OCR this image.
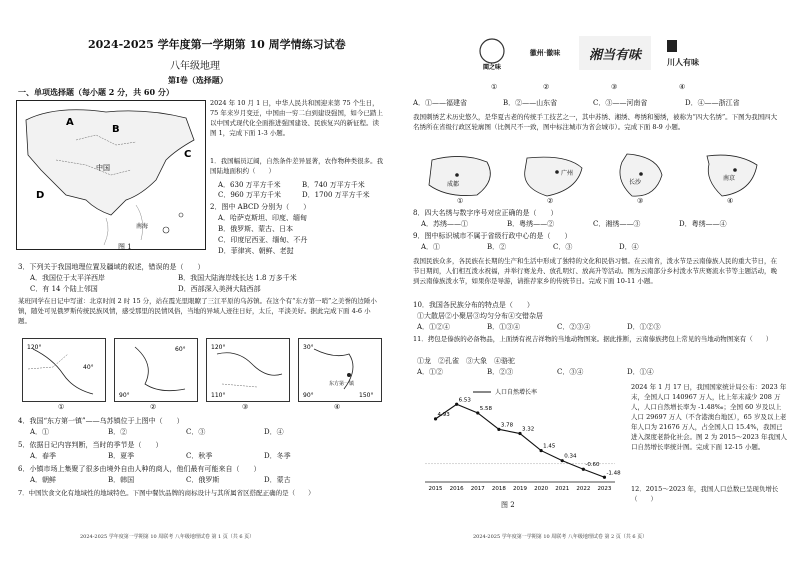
2024-2025 学年度第一学期第 10 周学情练习试卷
八年级地理
第Ⅰ卷（选择题）
一、单项选择题（每小题 2 分，共 60 分）
A
B
C
中国
南海
D
图 1
2024 年 10 月 1 日，中华人民共和国迎来第 75 个生日，75 年来岁月变迁，中国由一穷二白到建设强国，如今已踏上以中国式现代化全面推进强国建设、民族复兴的新征程。读图 1，完成下面 1-3 小题。
1．我国幅员辽阔，自然条件差异显著，农作物种类很多。我国陆地面积约（　　）
A．630 万平方千米	B．740 万平方千米
C．960 万平方千米	D．1700 万平方千米
2．图中 ABCD 分别为（　　）
A．哈萨克斯坦、印度、缅甸
B．俄罗斯、蒙古、日本
C．印度尼西亚、缅甸、不丹
D．菲律宾、朝鲜、老挝
3．下列关于我国地理位置及疆域的叙述，错误的是（　　）
A．我国位于太平洋西岸	B．我国大陆海岸线长达 1.8 万多千米
C．有 14 个陆上邻国	D．西部深入美洲大陆西部
某班同学在日记中写道：北京时间 2 时 15 分，站在霞光里眼瞭了三江平原的乌苏镇。在这个有“东方第一哨”之美誉的边陲小镇，随处可见俄罗斯传统民族风情，感受那里的民情风俗，当地的异域人迹往日好，太丘，平淡美好。据此完成下面 4-6 小题。
120°
40°
90°
60°	120°
110°
东方第一镇
30°
150°
90°
①	②	③	④
4．我国“东方第一镇”——乌苏镇位于上图中（　　）
A．①	B．②	C．③	D．④
5．依据日记内容判断，当时的季节是（　　）
A．春季	B．夏季	C．秋季	D．冬季
6．小镇市场上集聚了很多由境外自由人种的商人，他们最有可能来自（　　）
A．朝鲜	B．韩国	C．俄罗斯	D．蒙古
7．中国饮食文化有地域性的地域特色。下图中餐饮品牌的商标设计与其所属省区搭配正确的是（　　）
2024-2025 学年度第一学期第 10 周联考 八年级地理试卷 第 1 页（共 6 页）
閩之味
徽州·徽味	湘当有味	川人有味
①	②	③	④
A．①——福建省	B．②——山东省	C．③——河南省	D．④——浙江省
我国刺绣艺术历史悠久，是华夏古老的传统手工技艺之一，其中苏绣、湘绣、粤绣和蜀绣，被称为“四大名绣”。下图为我国四大名绣所在省级行政区轮廓图（比例尺不一致，图中标注城市为省会城市）。完成下面 8-9 小题。
成都
广州
长沙
南京
①	②	③	④
8．四大名绣与数字序号对应正确的是（　　）
A．苏绣——①	B．粤绣——②	C．湘绣——③	D．粤绣——④
9．图中标识城市不属于省级行政中心的是（　　）
A．①	B．②	C．③	D．④
我国民族众多，各民族在长期的生产和生活中形成了独特的文化和民俗习惯。在云南省，泼水节是云南傣族人民的重大节日，在节日期间，人们相互泼水祝福，并举行赛龙舟、放孔明灯、放高升等活动。图为云南部分乡村泼水节庆赛流水节等主题活动，晚到云南傣族泼水节，如果你是导游，请推荐家乡的传统节日。完成下面 10-11 小题。
10．我国各民族分布的特点是（　　）
①大散居②小聚居③均匀分布④交错杂居
A．①②④	B．①③④	C．②③④	D．①②③
11．拷包是傣族的必备物品，上面绣有祝吉祥物的当地动物图案。据此推断，云南傣族拷包上常见的当地动物图案有（　　）
①龙　②孔雀　③大象　④骆驼
A．①②	B．②③	C．③④	D．①④
4.93
2015
6.53
2016
5.58
2017
3.78
2018
3.32
2019
1.45
2020
0.34
2021
-0.60
2022
-1.48
2023
人口自然增长率
图 2
2024 年 1 月 17 日，我国国家统计局公布：2023 年末，全国人口 140967 万人，比上年末减少 208 万人，人口自然增长率为 -1.48‰；全国 60 岁及以上人口 29697 万人（不含港澳台地区），65 岁及以上老年人口为 21676 万人，占全国人口 15.4%，我国已进入深度老龄化社会。图 2 为 2015～2023 年我国人口自然增长率统计图。完成下面 12-15 小题。
12．2015～2023 年，我国人口总数已呈现负增长（　　）
2024-2025 学年度第一学期第 10 周联考 八年级地理试卷 第 2 页（共 6 页）
